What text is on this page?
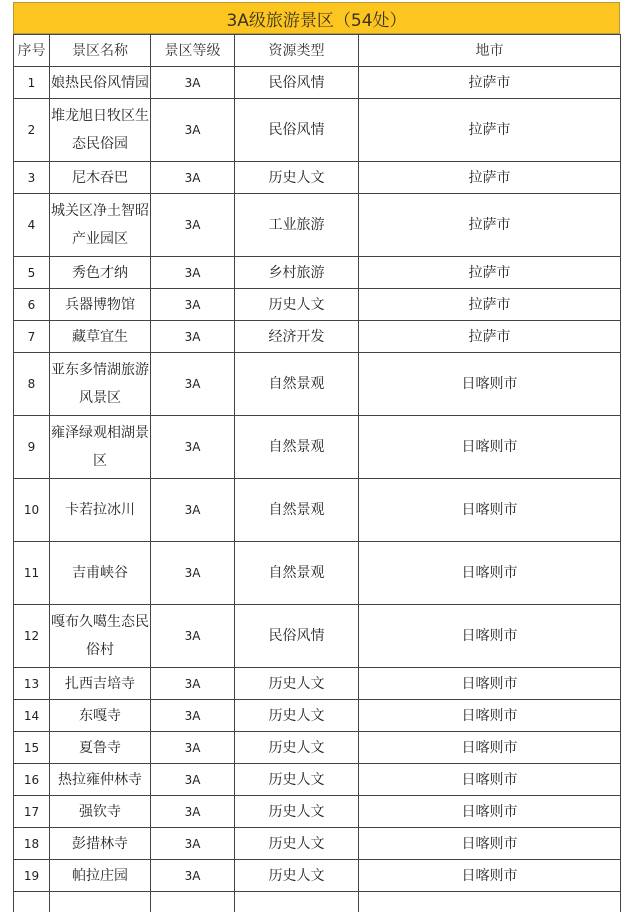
3A级旅游景区（54处）
序号	景区名称	景区等级	资源类型	地市
1	娘热民俗风情园	3A	民俗风情	拉萨市
2	堆龙旭日牧区生态民俗园	3A	民俗风情	拉萨市
3	尼木吞巴	3A	历史人文	拉萨市
4	城关区净土智昭产业园区	3A	工业旅游	拉萨市
5	秀色才纳	3A	乡村旅游	拉萨市
6	兵器博物馆	3A	历史人文	拉萨市
7	藏草宜生	3A	经济开发	拉萨市
8	亚东多情湖旅游风景区	3A	自然景观	日喀则市
9	雍泽绿观相湖景区	3A	自然景观	日喀则市
10	卡若拉冰川	3A	自然景观	日喀则市
11	吉甫峡谷	3A	自然景观	日喀则市
12	嘎布久噶生态民俗村	3A	民俗风情	日喀则市
13	扎西吉培寺	3A	历史人文	日喀则市
14	东嘎寺	3A	历史人文	日喀则市
15	夏鲁寺	3A	历史人文	日喀则市
16	热拉雍仲林寺	3A	历史人文	日喀则市
17	强钦寺	3A	历史人文	日喀则市
18	彭措林寺	3A	历史人文	日喀则市
19	帕拉庄园	3A	历史人文	日喀则市
